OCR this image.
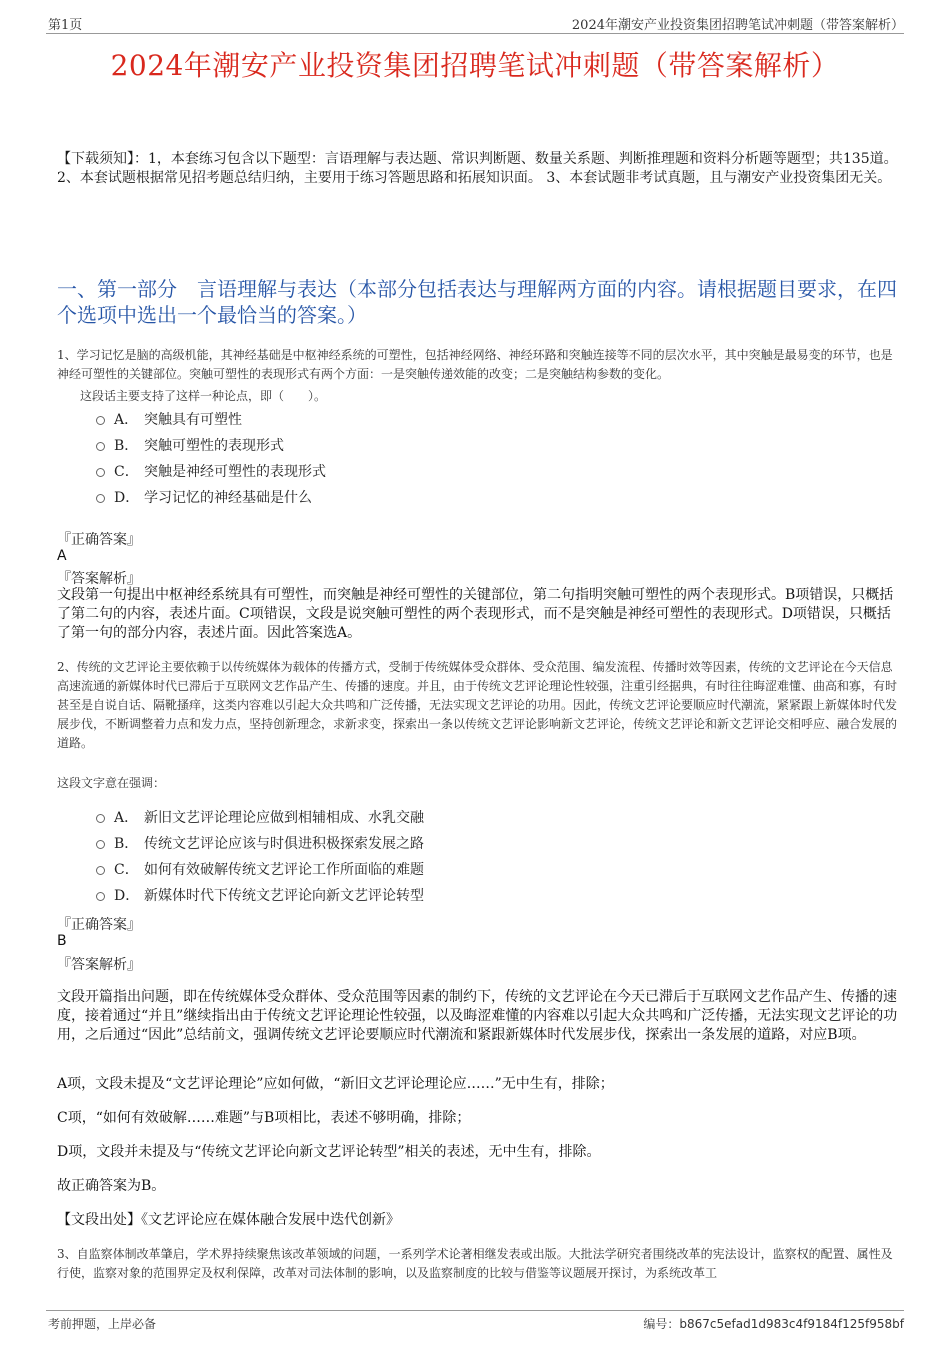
第1页	2024年潮安产业投资集团招聘笔试冲刺题（带答案解析）
2024年潮安产业投资集团招聘笔试冲刺题（带答案解析）
【下载须知】：1，本套练习包含以下题型：言语理解与表达题、常识判断题、数量关系题、判断推理题和资料分析题等题型；共135道。 2、本套试题根据常见招考题总结归纳，主要用于练习答题思路和拓展知识面。 3、本套试题非考试真题，且与潮安产业投资集团无关。
一、第一部分　言语理解与表达（本部分包括表达与理解两方面的内容。请根据题目要求，在四个选项中选出一个最恰当的答案。）
1、学习记忆是脑的高级机能，其神经基础是中枢神经系统的可塑性，包括神经网络、神经环路和突触连接等不同的层次水平，其中突触是最易变的环节，也是神经可塑性的关键部位。突触可塑性的表现形式有两个方面：一是突触传递效能的改变；二是突触结构参数的变化。
这段话主要支持了这样一种论点，即（　　）。
A． 突触具有可塑性
B． 突触可塑性的表现形式
C． 突触是神经可塑性的表现形式
D． 学习记忆的神经基础是什么
『正确答案』
A
『答案解析』
文段第一句提出中枢神经系统具有可塑性，而突触是神经可塑性的关键部位，第二句指明突触可塑性的两个表现形式。B项错误，只概括了第二句的内容，表述片面。C项错误，文段是说突触可塑性的两个表现形式，而不是突触是神经可塑性的表现形式。D项错误，只概括了第一句的部分内容，表述片面。因此答案选A。
2、传统的文艺评论主要依赖于以传统媒体为载体的传播方式，受制于传统媒体受众群体、受众范围、编发流程、传播时效等因素，传统的文艺评论在今天信息高速流通的新媒体时代已滞后于互联网文艺作品产生、传播的速度。并且，由于传统文艺评论理论性较强，注重引经据典，有时往往晦涩难懂、曲高和寡，有时甚至是自说自话、隔靴搔痒，这类内容难以引起大众共鸣和广泛传播，无法实现文艺评论的功用。因此，传统文艺评论要顺应时代潮流，紧紧跟上新媒体时代发展步伐，不断调整着力点和发力点，坚持创新理念，求新求变，探索出一条以传统文艺评论影响新文艺评论，传统文艺评论和新文艺评论交相呼应、融合发展的道路。
这段文字意在强调：
A． 新旧文艺评论理论应做到相辅相成、水乳交融
B． 传统文艺评论应该与时俱进积极探索发展之路
C． 如何有效破解传统文艺评论工作所面临的难题
D． 新媒体时代下传统文艺评论向新文艺评论转型
『正确答案』
B
『答案解析』
文段开篇指出问题，即在传统媒体受众群体、受众范围等因素的制约下，传统的文艺评论在今天已滞后于互联网文艺作品产生、传播的速度，接着通过“并且”继续指出由于传统文艺评论理论性较强，以及晦涩难懂的内容难以引起大众共鸣和广泛传播，无法实现文艺评论的功用，之后通过“因此”总结前文，强调传统文艺评论要顺应时代潮流和紧跟新媒体时代发展步伐，探索出一条发展的道路，对应B项。
A项，文段未提及“文艺评论理论”应如何做，“新旧文艺评论理论应……”无中生有，排除；
C项，“如何有效破解……难题”与B项相比，表述不够明确，排除；
D项，文段并未提及与“传统文艺评论向新文艺评论转型”相关的表述，无中生有，排除。
故正确答案为B。
【文段出处】《文艺评论应在媒体融合发展中迭代创新》
3、自监察体制改革肇启，学术界持续聚焦该改革领域的问题，一系列学术论著相继发表或出版。大批法学研究者围绕改革的宪法设计，监察权的配置、属性及行使，监察对象的范围界定及权利保障，改革对司法体制的影响，以及监察制度的比较与借鉴等议题展开探讨，为系统改革工
考前押题，上岸必备	编号：b867c5efad1d983c4f9184f125f958bf
